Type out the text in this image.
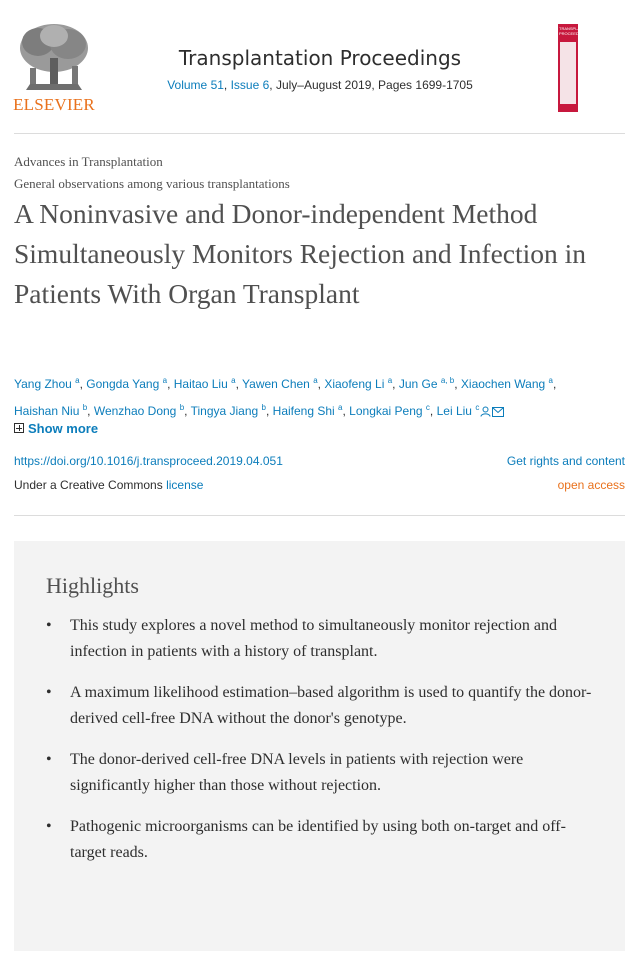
ELSEVIER
Transplantation Proceedings
Volume 51, Issue 6, July–August 2019, Pages 1699-1705
TRANSPLANTATION PROCEEDINGS
Advances in Transplantation
General observations among various transplantations
A Noninvasive and Donor-independent Method Simultaneously Monitors Rejection and Infection in Patients With Organ Transplant
Yang Zhou $^a$, Gongda Yang $^a$, Haitao Liu $^a$, Yawen Chen $^a$, Xiaofeng Li $^a$, Jun Ge $^{a, b}$, Xiaochen Wang $^a$, Haishan Niu $^b$, Wenzhao Dong $^b$, Tingya Jiang $^b$, Haifeng Shi $^a$, Longkai Peng $^c$, Lei Liu $^c$
Show more
https://doi.org/10.1016/j.transproceed.2019.04.051	Get rights and content
Under a Creative Commons license	open access
Highlights
• This study explores a novel method to simultaneously monitor rejection and infection in patients with a history of transplant.
• A maximum likelihood estimation–based algorithm is used to quantify the donor-derived cell-free DNA without the donor's genotype.
• The donor-derived cell-free DNA levels in patients with rejection were significantly higher than those without rejection.
• Pathogenic microorganisms can be identified by using both on-target and off-target reads.
